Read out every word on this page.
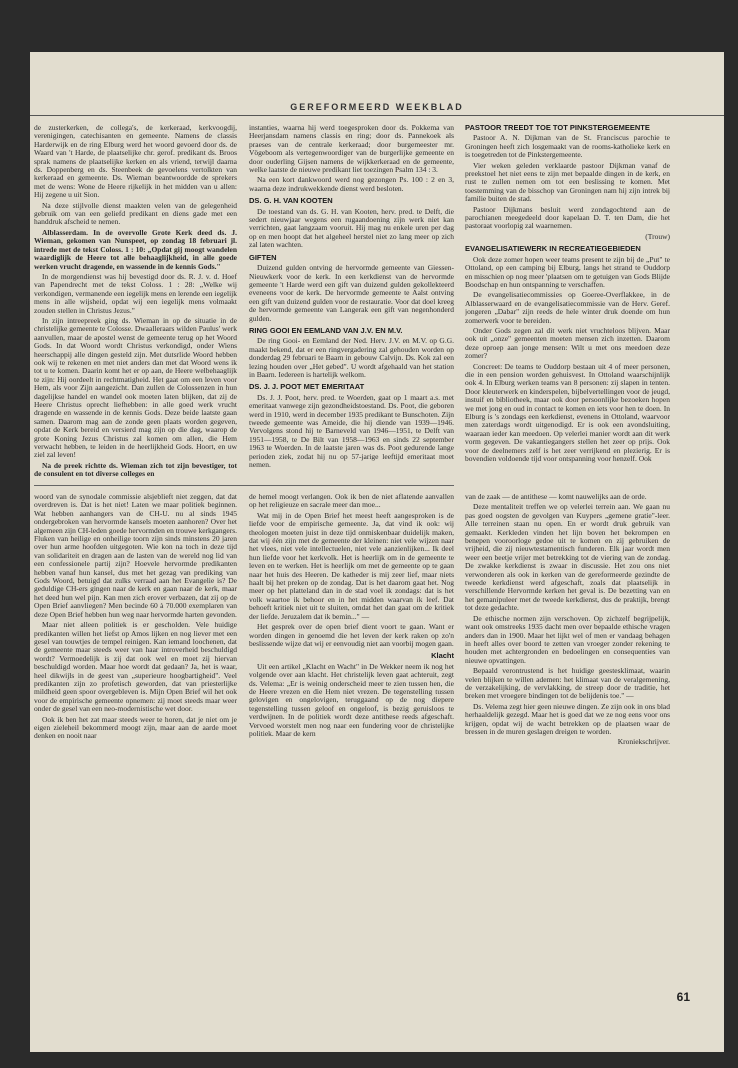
GEREFORMEERD WEEKBLAD

de zusterkerken, de collega's, de kerkeraad, kerkvoogdij, verenigingen, catechisanten en gemeente. Namens de classis Harderwijk en de ring Elburg werd het woord gevoerd door ds. de Waard van 't Harde, de plaatselijke chr. gerof. predikant ds. Broos sprak namens de plaatselijke kerken en als vriend, terwijl daarna ds. Doppenberg en ds. Steenbeek de gevoelens vertolkten van kerkeraad en gemeente. Ds. Wieman beantwoordde de sprekers met de wens: Wone de Heere rijkelijk in het midden van u allen: Hij zegene u uit Sion.

Na deze stijlvolle dienst maakten velen van de gelegenheid gebruik om van een geliefd predikant en diens gade met een handdruk afscheid te nemen.

Alblasserdam. In de overvolle Grote Kerk deed ds. J. Wieman, gekomen van Nunspeet, op zondag 18 februari jl. intrede met de tekst Coloss. 1 : 10: „Opdat gij moogt wandelen waardiglijk de Heere tot alle behaaglijkheid, in alle goede werken vrucht dragende, en wassende in de kennis Gods."

In de morgendienst was hij bevestigd door ds. R. J. v. d. Hoef van Papendrecht met de tekst Coloss. 1 : 28: „Welke wij verkondigen, vermanende een iegelijk mens en lerende een iegelijk mens in alle wijsheid, opdat wij een iegelijk mens volmaakt zouden stellen in Christus Jezus."

In zijn intreepreek ging ds. Wieman in op de situatie in de christelijke gemeente te Colosse. Dwaalleraars wilden Paulus' werk aanvullen, maar de apostel wenst de gemeente terug op het Woord Gods. In dat Woord wordt Christus verkondigd, onder Wiens heerschappij alle dingen gesteld zijn. Met dutsrlide Woord hebben ook wij te rekenen en met niet anders dan met dat Woord wens ik tot u te komen. Daarin komt het er op aan, de Heere welbehaaglijk te zijn: Hij oordeelt in rechtmatigheid. Het gaat om een leven voor Hem, als voor Zijn aangezicht. Dan zullen de Colossenzen in hun dagelijkse handel en wandel ook moeten laten blijken, dat zij de Heere Christus oprecht liefhebben: in alle goed werk vrucht dragende en wassende in de kennis Gods. Deze beide laatste gaan samen. Daarom mag aan de zonde geen plaats worden gegeven, opdat de Kerk bereid en versierd mag zijn op die dag, waarop de grote Koning Jezus Christus zal komen om allen, die Hem verwacht hebben, te leiden in de heerlijkheid Gods. Hoort, en uw ziel zal leven!

Na de preek richtte ds. Wieman zich tot zijn bevestiger, tot de consulent en tot diverse colleges en

instanties, waarna hij werd toegesproken door ds. Pokkema van Heerjansdam namens classis en ring; door ds. Pannekoek als praeses van de centrale kerkeraad; door burgemeester mr. Vögeboom als vertegenwoordiger van de burgerlijke gemeente en door ouderling Gijsen namens de wijkkerkeraad en de gemeente, welke laatste de nieuwe predikant liet toezingen Psalm 134 : 3.

Na een kort dankwoord werd nog gezongen Ps. 100 : 2 en 3, waarna deze indrukwekkende dienst werd besloten.

DS. G. H. VAN KOOTEN

De toestand van ds. G. H. van Kooten, herv. pred. te Delft, die sedert nieuwjaar wegens een rugaandoening zijn werk niet kan verrichten, gaat langzaam vooruit. Hij mag nu enkele uren per dag op en men hoopt dat het algeheel herstel niet zo lang meer op zich zal laten wachten.

GIFTEN

Duizend gulden ontving de hervormde gemeente van Giessen-Nieuwkerk voor de kerk. In een kerkdienst van de hervormde gemeente 't Harde werd een gift van duizend gulden gekollekteerd eveneens voor de kerk. De hervormde gemeente te Aalst ontving een gift van duizend gulden voor de restauratie. Voor dat doel kreeg de hervormde gemeente van Langerak een gift van negenhonderd gulden.

RING GOOI EN EEMLAND VAN J.V. EN M.V.

De ring Gooi- en Eemland der Ned. Herv. J.V. en M.V. op G.G. maakt bekend, dat er een ringvergadering zal gehouden worden op donderdag 29 februari te Baarn in gebouw Calvijn. Ds. Kok zal een lezing houden over „Het gebed". U wordt afgehaald van het station in Baarn. Iedereen is hartelijk welkom.

DS. J. J. POOT MET EMERITAAT

Ds. J. J. Poot, herv. pred. te Woerden, gaat op 1 maart a.s. met emeritaat vanwege zijn gezondheidstoestand. Ds. Poot, die geboren werd in 1910, werd in december 1935 predikant te Bunschoten. Zijn tweede gemeente was Ameide, die hij diende van 1939—1946. Vervolgens stond hij te Barneveld van 1946—1951, te Delft van 1951—1958, te De Bilt van 1958—1963 en sinds 22 september 1963 te Woerden. In de laatste jaren was ds. Poot gedurende lange perioden ziek, zodat hij nu op 57-jarige leeftijd emeritaat moet nemen.

PASTOOR TREEDT TOE TOT PINKSTERGEMEENTE

Pastoor A. N. Dijkman van de St. Franciscus parochie te Groningen heeft zich losgemaakt van de rooms-katholieke kerk en is toegetreden tot de Pinkstergemeente.

Vier weken geleden verklaarde pastoor Dijkman vanaf de preekstoel het niet eens te zijn met bepaalde dingen in de kerk, en rust te zullen nemen om tot een beslissing te komen. Met toestemming van de bisschop van Groningen nam hij zijn intrek bij familie buiten de stad.

Pastoor Dijkmans besluit werd zondagochtend aan de parochianen meegedeeld door kapelaan D. T. ten Dam, die het pastoraat voorlopig zal waarnemen.

(Trouw)

EVANGELISATIEWERK IN RECREATIEGEBIEDEN

Ook deze zomer hopen weer teams present te zijn bij de „Put" te Ottoland, op een camping bij Elburg, langs het strand te Ouddorp en misschien op nog meer 'plaatsen om te getuigen van Gods Blijde Boodschap en hun ontspanning te verschaffen.

De evangelisatiecommissies op Goeree-Overflakkee, in de Alblasserwaard en de evangelisatiecommissie van de Herv. Geref. jongeren „Dabar" zijn reeds de hele winter druk doende om hun zomerwerk voor te bereiden.

Onder Gods zegen zal dit werk niet vruchteloos blijven. Maar ook uit „onze" gemeenten moeten mensen zich inzetten. Daarom deze oproep aan jonge mensen: Wilt u met ons meedoen deze zomer?

Concreet: De teams te Ouddorp bestaan uit 4 of meer personen, die in een pension worden gehuisvest. In Ottoland waarschijnlijk ook 4. In Elburg werken teams van 8 personen: zij slapen in tenten. Door kleuterwerk en kinderspelen, bijbelvertellingen voor de jeugd, instuif en bibliotheek, maar ook door persoonlijke bezoeken hopen we met jong en oud in contact te komen en iets voor hen te doen. In Elburg is 's zondags een kerkdienst, evenens in Ottoland, waarvoor men zaterdags wordt uitgenodigd. Er is ook een avondsluiting, waaraan ieder kan meedoen. Op velerlei manier wordt aan dit werk vorm gegeven. De vakantiegangers stellen het zeer op prijs. Ook voor de deelnemers zelf is het zeer verrijkend en plezierig. Er is bovendien voldoende tijd voor ontspanning voor henzelf. Ook

woord van de synodale commissie alsjeblieft niet zeggen, dat dat overdreven is. Dat is het niet! Laten we maar politiek beginnen. Wat hebben aanhangers van de CH-U. nu al sinds 1945 ondergebroken van hervormde kansels moeten aanhoren? Over het algemeen zijn CH-leden goede hervormden en trouwe kerkgangers. Fluken van heilige en onheilige toorn zijn sinds minstens 20 jaren over hun arme hoofden uitgegoten. Wie kon na toch in deze tijd van solidariteit en dragen aan de lasten van de wereld nog lid van een confessionele partij zijn? Hoevele hervormde predikanten hebben vanaf hun kansel, dus met het gezag van prediking van Gods Woord, betuigd dat zulks verraad aan het Evangelie is? De geduldige CH-ers gingen naar de kerk en gaan naar de kerk, maar het deed hun wel pijn. Kan men zich erover verbazen, dat zij op de Open Brief aanvliegen? Men becinde 60 à 70.000 exemplaren van deze Open Brief hebben hun weg naar hervormde harten gevonden.

Maar niet alleen politiek is er gescholden. Vele huidige predikanten willen het liefst op Amos lijken en nog liever met een gesel van touwtjes de tempel reinigen. Kan iemand loochenen, dat de gemeente maar steeds weer van haar introverheid beschuldigd wordt? Vermoedelijk is zij dat ook wel en moet zij hiervan beschuldigd worden. Maar hoe wordt dat gedaan? Ja, het is waar, heel dikwijls in de geest van „superieure hoogbartigheid". Veel predikanten zijn zo profetisch geworden, dat van priesterlijke mildheid geen spoor overgebleven is. Mijn Open Brief wil het ook voor de empirische gemeente opnemen: zij moet steeds maar weer onder de gesel van een neo-modernistische wet door.

Ook ik ben het zat maar steeds weer te horen, dat je niet om je eigen zieleheil bekommerd moogt zijn, maar aan de aarde moet denken en nooit naar

de hemel moogt verlangen. Ook ik ben de niet aflatende aanvallen op het religieuze en sacrale meer dan moe...

Wat mij in de Open Brief het meest heeft aangesproken is de liefde voor de empirische gemeente. Ja, dat vind ik ook: wij theologen moeten juist in deze tijd onmiskenbaar duidelijk maken, dat wij één zijn met de gemeente der kleinen: niet vele wijzen naar het vlees, niet vele intellectuelen, niet vele aanzienlijken... Ik deel hun liefde voor het kerkvolk. Het is heerlijk om in de gemeente te leven en te werken. Het is heerlijk om met de gemeente op te gaan naar het huis des Heeren. De katheder is mij zeer lief, maar niets haalt bij het preken op de zondag. Dat is het daarom gaat het. Nog meer op het platteland dan in de stad voel ik zondags: dat is het volk waartoe ik behoor en in het midden waarvan ik leef. Dat behoeft kritiek niet uit te sluiten, omdat het dan gaat om de kritiek der liefde. Jeruzalem dat ik bemin..." —

Het gesprek over de open brief dient voort te gaan. Want er worden dingen in genoemd die het leven der kerk raken op zo'n beslissende wijze dat wij er eenvoudig niet aan voorbij mogen gaan.

Klacht

Uit een artikel „Klacht en Wacht" in De Wekker neem ik nog het volgende over aan klacht. Het christelijk leven gaat achteruit, zegt ds. Velema: „Er is weinig onderscheid meer te zien tussen hen, die de Heere vrezen en die Hem niet vrezen. De tegenstelling tussen gelovigen en ongelovigen, teruggaand op de nog diepere tegenstelling tussen geloof en ongeloof, is bezig geruisloos te verdwijnen. In de politiek wordt deze antithese reeds afgeschaft. Vervoed worstelt men nog naar een fundering voor de christelijke politiek. Maar de kern

van de zaak — de antithese — komt nauwelijks aan de orde.

Deze mentaliteit treffen we op velerlei terrein aan. We gaan nu pas goed oogsten de gevolgen van Kuypers „gemene gratie"-leer. Alle terreinen staan nu open. En er wordt druk gebruik van gemaakt. Kerkleden vinden het lijn boven het bekrompen en benepen vooroorloge gedoe uit te komen en zij gebruiken de vrijheid, die zij nieuwtestamentisch funderen. Elk jaar wordt men weer een beetje vrijer met betrekking tot de viering van de zondag. De zwakke kerkdienst is zwaar in discussie. Het zou ons niet verwonderen als ook in kerken van de gereformeerde gezindte de tweede kerkdienst werd afgeschaft, zoals dat plaatselijk in verschillende Hervormde kerken het geval is. De bezetting van en het gemanipuleer met de tweede kerkdienst, dus de praktijk, brengt tot deze gedachte.

De ethische normen zijn verschoven. Op zichzelf begrijpelijk, want ook omstreeks 1935 dacht men over bepaalde ethische vragen anders dan in 1900. Maar het lijkt wel of men er vandaag behagen in heeft alles over boord te zetten van vroeger zonder rekening te houden met achtergronden en bedoelingen en consequenties van nieuwe opvattingen.

Bepaald verontrustend is het huidige geestesklimaat, waarin velen blijken te willen ademen: het klimaat van de veralgemening, de verzakelijking, de vervlakking, de streep door de traditie, het breken met vroegere bindingen tot de belijdenis toe." —

Ds. Velema zegt hier geen nieuwe dingen. Ze zijn ook in ons blad herhaaldelijk gezegd. Maar het is goed dat we ze nog eens voor ons krijgen, opdat wij de wacht betrekken op de plaatsen waar de bressen in de muren geslagen dreigen te worden.

Kroniekschrijver.

61
